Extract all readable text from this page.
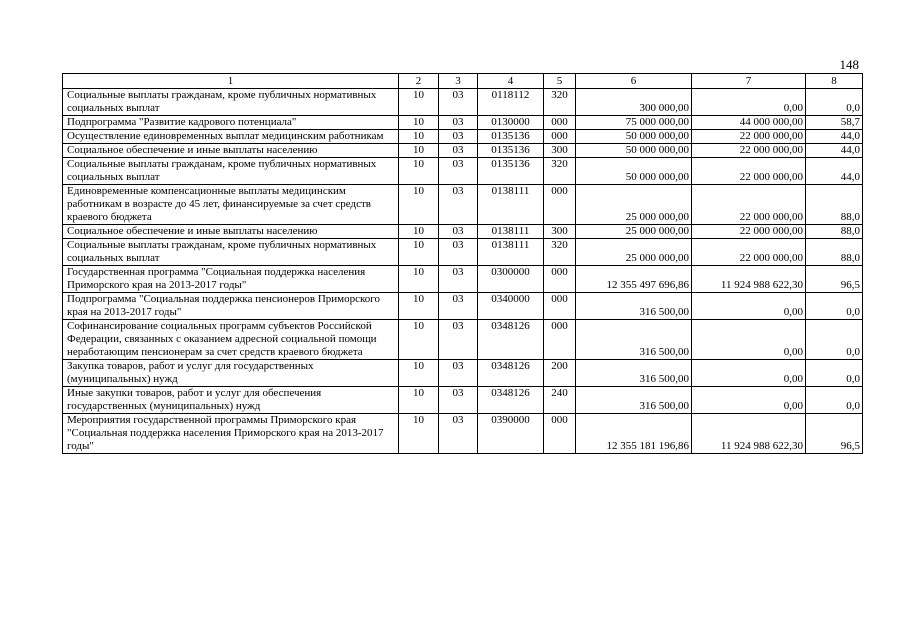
148
1	2	3	4	5	6	7	8
Социальные выплаты гражданам, кроме публичных нормативных социальных выплат	10	03	0118112	320	300 000,00	0,00	0,0
Подпрограмма "Развитие кадрового потенциала"	10	03	0130000	000	75 000 000,00	44 000 000,00	58,7
Осуществление единовременных выплат медицинским работникам	10	03	0135136	000	50 000 000,00	22 000 000,00	44,0
Социальное обеспечение и иные выплаты населению	10	03	0135136	300	50 000 000,00	22 000 000,00	44,0
Социальные выплаты гражданам, кроме публичных нормативных социальных выплат	10	03	0135136	320	50 000 000,00	22 000 000,00	44,0
Единовременные компенсационные выплаты медицинским работникам в возрасте до 45 лет, финансируемые за счет средств краевого бюджета	10	03	0138111	000	25 000 000,00	22 000 000,00	88,0
Социальное обеспечение и иные выплаты населению	10	03	0138111	300	25 000 000,00	22 000 000,00	88,0
Социальные выплаты гражданам, кроме публичных нормативных социальных выплат	10	03	0138111	320	25 000 000,00	22 000 000,00	88,0
Государственная программа "Социальная поддержка населения Приморского края на 2013-2017 годы"	10	03	0300000	000	12 355 497 696,86	11 924 988 622,30	96,5
Подпрограмма "Социальная поддержка пенсионеров Приморского края на 2013-2017 годы"	10	03	0340000	000	316 500,00	0,00	0,0
Софинансирование социальных программ субъектов Российской Федерации, связанных с оказанием адресной социальной помощи неработающим пенсионерам за счет средств краевого бюджета	10	03	0348126	000	316 500,00	0,00	0,0
Закупка товаров, работ и услуг для государственных (муниципальных) нужд	10	03	0348126	200	316 500,00	0,00	0,0
Иные закупки товаров, работ и услуг для обеспечения государственных (муниципальных) нужд	10	03	0348126	240	316 500,00	0,00	0,0
Мероприятия государственной программы Приморского края "Социальная поддержка населения Приморского края на 2013-2017 годы"	10	03	0390000	000	12 355 181 196,86	11 924 988 622,30	96,5
